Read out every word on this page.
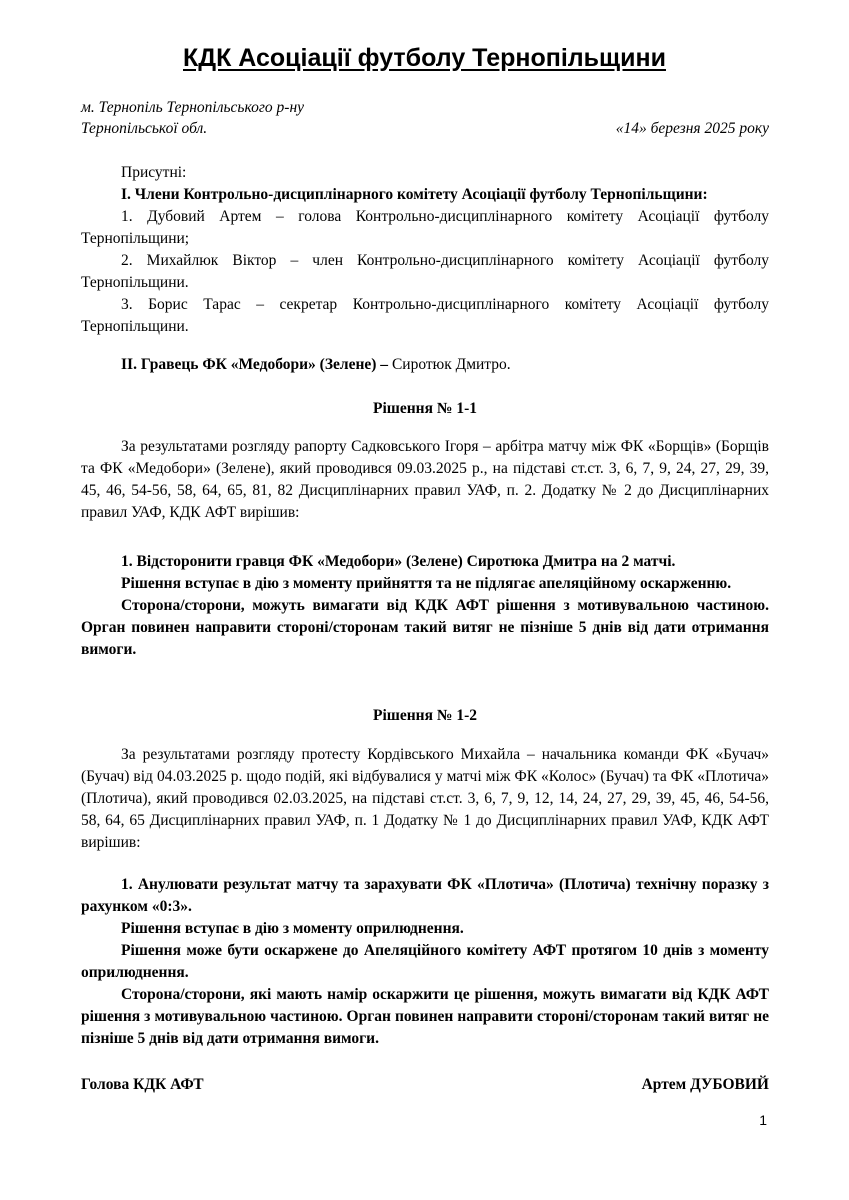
КДК Асоціації футболу Тернопільщини
м. Тернопіль Тернопільського р-ну
Тернопільської обл.	«14» березня 2025 року

Присутні:

I. Члени Контрольно-дисциплінарного комітету Асоціації футболу Тернопільщини:

1. Дубовий Артем – голова Контрольно-дисциплінарного комітету Асоціації футболу Тернопільщини;

2. Михайлюк Віктор – член Контрольно-дисциплінарного комітету Асоціації футболу Тернопільщини.

3. Борис Тарас – секретар Контрольно-дисциплінарного комітету Асоціації футболу Тернопільщини.

II. Гравець ФК «Медобори» (Зелене) – Сиротюк Дмитро.

Рішення № 1-1

За результатами розгляду рапорту Садковського Ігоря – арбітра матчу між ФК «Борщів» (Борщів та ФК «Медобори» (Зелене), який проводився 09.03.2025 р., на підставі ст.ст. 3, 6, 7, 9, 24, 27, 29, 39, 45, 46, 54-56, 58, 64, 65, 81, 82 Дисциплінарних правил УАФ, п. 2. Додатку № 2 до Дисциплінарних правил УАФ, КДК АФТ вирішив:

1. Відсторонити гравця ФК «Медобори» (Зелене) Сиротюка Дмитра на 2 матчі.

Рішення вступає в дію з моменту прийняття та не підлягає апеляційному оскарженню.

Сторона/сторони, можуть вимагати від КДК АФТ рішення з мотивувальною частиною. Орган повинен направити стороні/сторонам такий витяг не пізніше 5 днів від дати отримання вимоги.

Рішення № 1-2

За результатами розгляду протесту Кордівського Михайла – начальника команди ФК «Бучач» (Бучач) від 04.03.2025 р. щодо подій, які відбувалися у матчі між ФК «Колос» (Бучач) та ФК «Плотича» (Плотича), який проводився 02.03.2025, на підставі ст.ст. 3, 6, 7, 9, 12, 14, 24, 27, 29, 39, 45, 46, 54-56, 58, 64, 65 Дисциплінарних правил УАФ, п. 1 Додатку № 1 до Дисциплінарних правил УАФ, КДК АФТ вирішив:

1. Анулювати результат матчу та зарахувати ФК «Плотича» (Плотича) технічну поразку з рахунком «0:3».

Рішення вступає в дію з моменту оприлюднення.

Рішення може бути оскаржене до Апеляційного комітету АФТ протягом 10 днів з моменту оприлюднення.

Сторона/сторони, які мають намір оскаржити це рішення, можуть вимагати від КДК АФТ рішення з мотивувальною частиною. Орган повинен направити стороні/сторонам такий витяг не пізніше 5 днів від дати отримання вимоги.

Голова КДК АФТ	Артем ДУБОВИЙ
1
